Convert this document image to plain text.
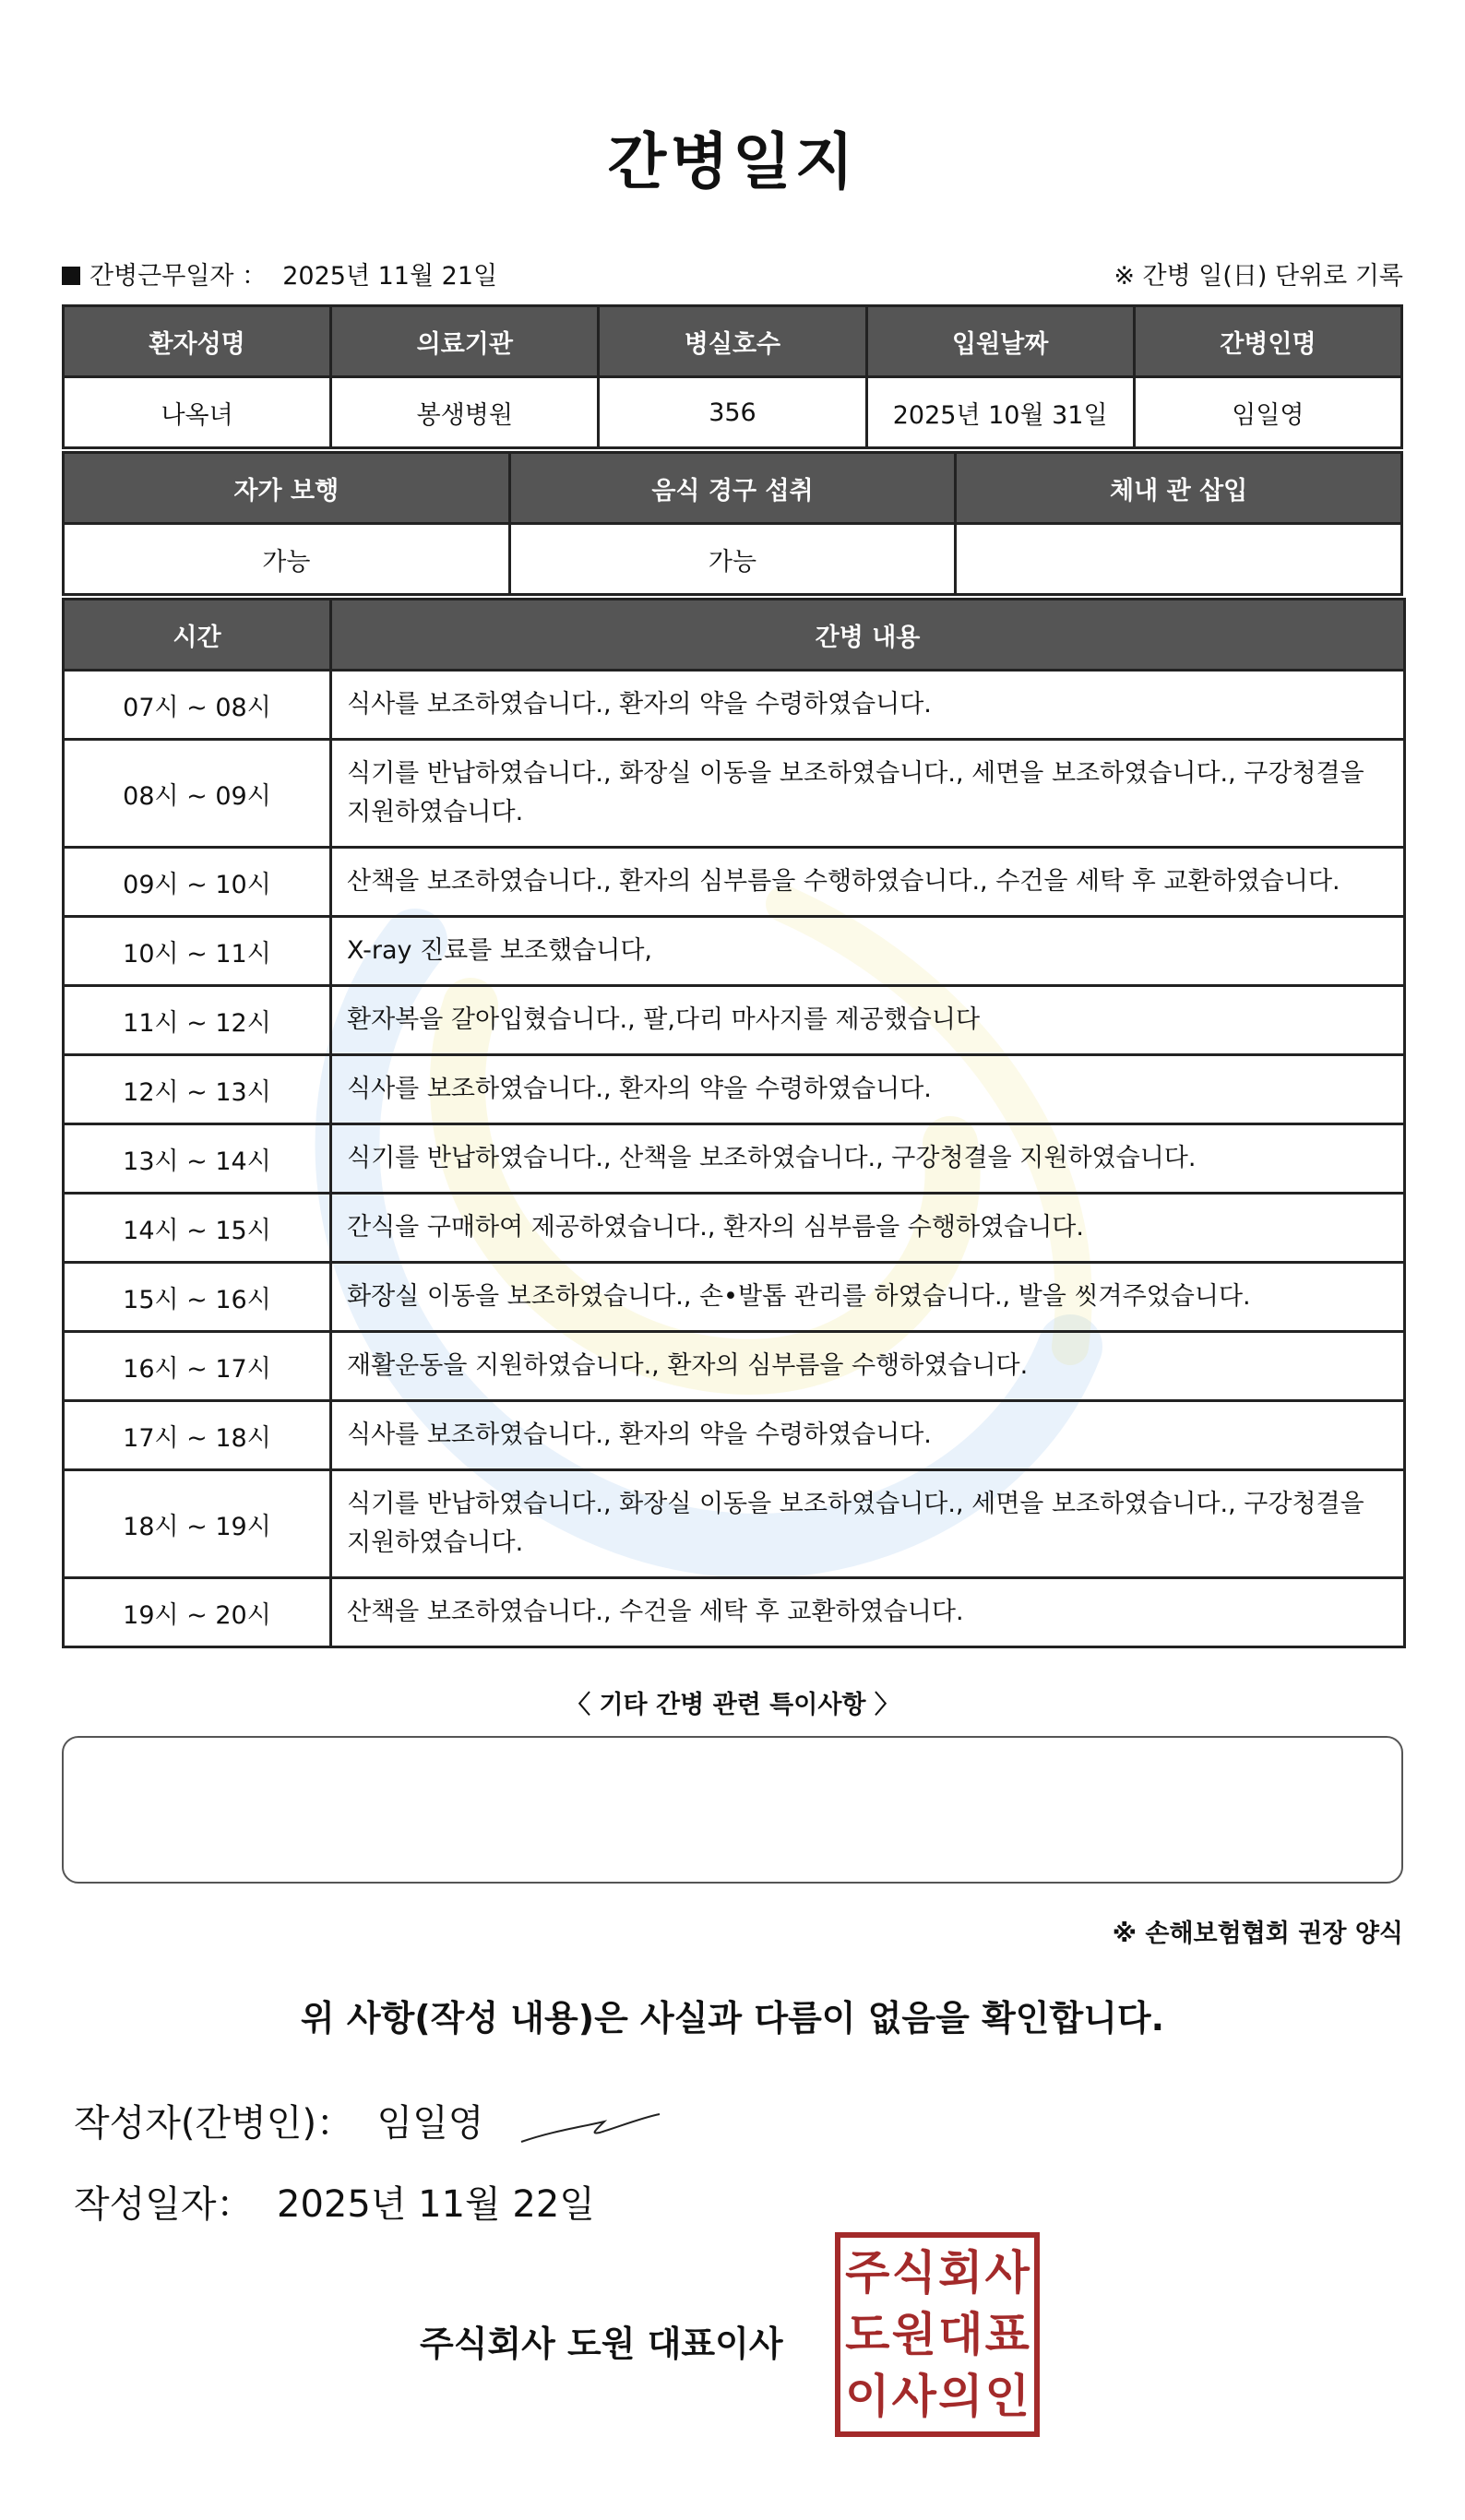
간병일지
간병근무일자 ： 2025년 11월 21일	※ 간병 일(日) 단위로 기록
환자성명	의료기관	병실호수	입원날짜	간병인명
나옥녀	봉생병원	356	2025년 10월 31일	임일영
자가 보행	음식 경구 섭취	체내 관 삽입
가능	가능	
시간	간병 내용
07시 ~ 08시	식사를 보조하였습니다., 환자의 약을 수령하였습니다.
08시 ~ 09시	식기를 반납하였습니다., 화장실 이동을 보조하였습니다., 세면을 보조하였습니다., 구강청결을 지원하였습니다.
09시 ~ 10시	산책을 보조하였습니다., 환자의 심부름을 수행하였습니다., 수건을 세탁 후 교환하였습니다.
10시 ~ 11시	X-ray 진료를 보조했습니다,
11시 ~ 12시	환자복을 갈아입혔습니다., 팔,다리 마사지를 제공했습니다
12시 ~ 13시	식사를 보조하였습니다., 환자의 약을 수령하였습니다.
13시 ~ 14시	식기를 반납하였습니다., 산책을 보조하였습니다., 구강청결을 지원하였습니다.
14시 ~ 15시	간식을 구매하여 제공하였습니다., 환자의 심부름을 수행하였습니다.
15시 ~ 16시	화장실 이동을 보조하였습니다., 손•발톱 관리를 하였습니다., 발을 씻겨주었습니다.
16시 ~ 17시	재활운동을 지원하였습니다., 환자의 심부름을 수행하였습니다.
17시 ~ 18시	식사를 보조하였습니다., 환자의 약을 수령하였습니다.
18시 ~ 19시	식기를 반납하였습니다., 화장실 이동을 보조하였습니다., 세면을 보조하였습니다., 구강청결을 지원하였습니다.
19시 ~ 20시	산책을 보조하였습니다., 수건을 세탁 후 교환하였습니다.
〈 기타 간병 관련 특이사항 〉
※ 손해보험협회 권장 양식
위 사항(작성 내용)은 사실과 다름이 없음을 확인합니다.
작성자(간병인)： 임일영
작성일자： 2025년 11월 22일
주식회사 도원 대표이사
주 식 회 사
도 원 대 표
이 사 의 인
